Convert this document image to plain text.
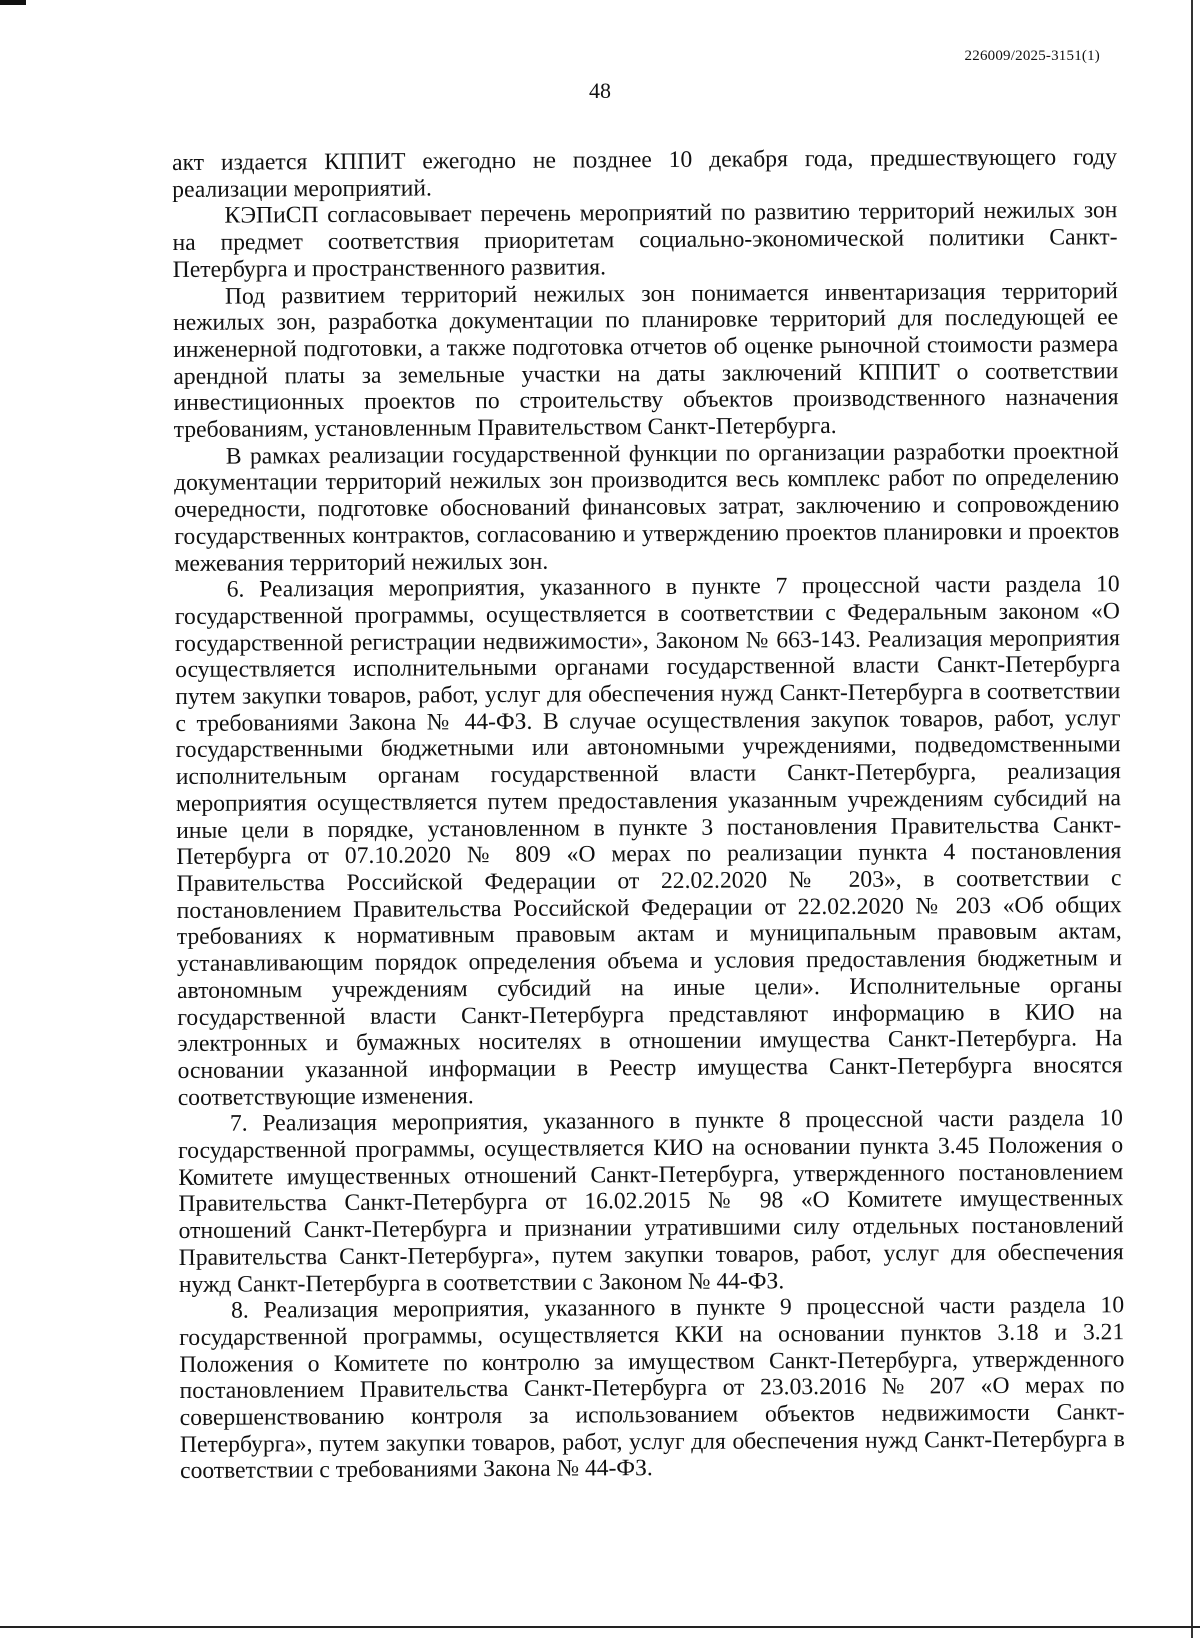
226009/2025-3151(1)
48

акт издается КППИТ ежегодно не позднее 10 декабря года, предшествующего году реализации мероприятий.

КЭПиСП согласовывает перечень мероприятий по развитию территорий нежилых зон на предмет соответствия приоритетам социально-экономической политики Санкт-Петербурга и пространственного развития.

Под развитием территорий нежилых зон понимается инвентаризация территорий нежилых зон, разработка документации по планировке территорий для последующей ее инженерной подготовки, а также подготовка отчетов об оценке рыночной стоимости размера арендной платы за земельные участки на даты заключений КППИТ о соответствии инвестиционных проектов по строительству объектов производственного назначения требованиям, установленным Правительством Санкт-Петербурга.

В рамках реализации государственной функции по организации разработки проектной документации территорий нежилых зон производится весь комплекс работ по определению очередности, подготовке обоснований финансовых затрат, заключению и сопровождению государственных контрактов, согласованию и утверждению проектов планировки и проектов межевания территорий нежилых зон.

6. Реализация мероприятия, указанного в пункте 7 процессной части раздела 10 государственной программы, осуществляется в соответствии с Федеральным законом «О государственной регистрации недвижимости», Законом № 663-143. Реализация мероприятия осуществляется исполнительными органами государственной власти Санкт-Петербурга путем закупки товаров, работ, услуг для обеспечения нужд Санкт-Петербурга в соответствии с требованиями Закона № 44-ФЗ. В случае осуществления закупок товаров, работ, услуг государственными бюджетными или автономными учреждениями, подведомственными исполнительным органам государственной власти Санкт-Петербурга, реализация мероприятия осуществляется путем предоставления указанным учреждениям субсидий на иные цели в порядке, установленном в пункте 3 постановления Правительства Санкт-Петербурга от 07.10.2020 № 809 «О мерах по реализации пункта 4 постановления Правительства Российской Федерации от 22.02.2020 № 203», в соответствии с постановлением Правительства Российской Федерации от 22.02.2020 № 203 «Об общих требованиях к нормативным правовым актам и муниципальным правовым актам, устанавливающим порядок определения объема и условия предоставления бюджетным и автономным учреждениям субсидий на иные цели». Исполнительные органы государственной власти Санкт-Петербурга представляют информацию в КИО на электронных и бумажных носителях в отношении имущества Санкт-Петербурга. На основании указанной информации в Реестр имущества Санкт-Петербурга вносятся соответствующие изменения.

7. Реализация мероприятия, указанного в пункте 8 процессной части раздела 10 государственной программы, осуществляется КИО на основании пункта 3.45 Положения о Комитете имущественных отношений Санкт-Петербурга, утвержденного постановлением Правительства Санкт-Петербурга от 16.02.2015 № 98 «О Комитете имущественных отношений Санкт-Петербурга и признании утратившими силу отдельных постановлений Правительства Санкт-Петербурга», путем закупки товаров, работ, услуг для обеспечения нужд Санкт-Петербурга в соответствии с Законом № 44-ФЗ.

8. Реализация мероприятия, указанного в пункте 9 процессной части раздела 10 государственной программы, осуществляется ККИ на основании пунктов 3.18 и 3.21 Положения о Комитете по контролю за имуществом Санкт-Петербурга, утвержденного постановлением Правительства Санкт-Петербурга от 23.03.2016 № 207 «О мерах по совершенствованию контроля за использованием объектов недвижимости Санкт-Петербурга», путем закупки товаров, работ, услуг для обеспечения нужд Санкт-Петербурга в соответствии с требованиями Закона № 44-ФЗ.
